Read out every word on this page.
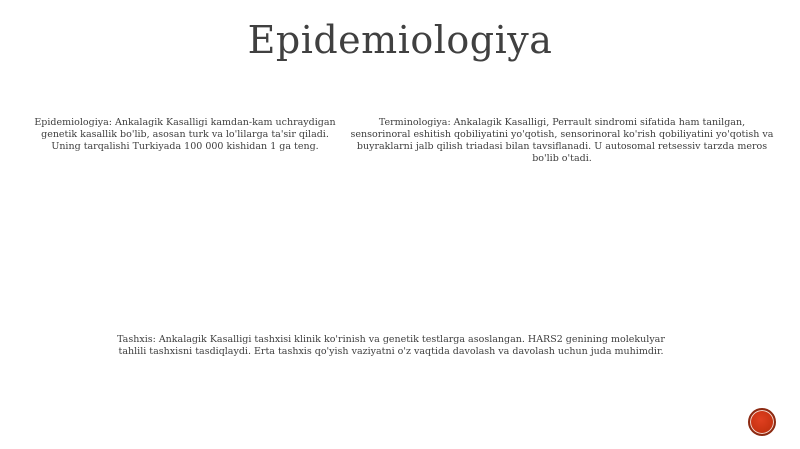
Epidemiologiya
Epidemiologiya: Ankalagik Kasalligi kamdan-kam uchraydigan genetik kasallik bo'lib, asosan turk va lo'lilarga ta'sir qiladi. Uning tarqalishi Turkiyada 100 000 kishidan 1 ga teng.
Terminologiya: Ankalagik Kasalligi, Perrault sindromi sifatida ham tanilgan, sensorinoral eshitish qobiliyatini yo'qotish, sensorinoral ko'rish qobiliyatini yo'qotish va buyraklarni jalb qilish triadasi bilan tavsiflanadi. U autosomal retsessiv tarzda meros bo'lib o'tadi.
Tashxis: Ankalagik Kasalligi tashxisi klinik ko'rinish va genetik testlarga asoslangan. HARS2 genining molekulyar tahlili tashxisni tasdiqlaydi. Erta tashxis qo'yish vaziyatni o'z vaqtida davolash va davolash uchun juda muhimdir.
